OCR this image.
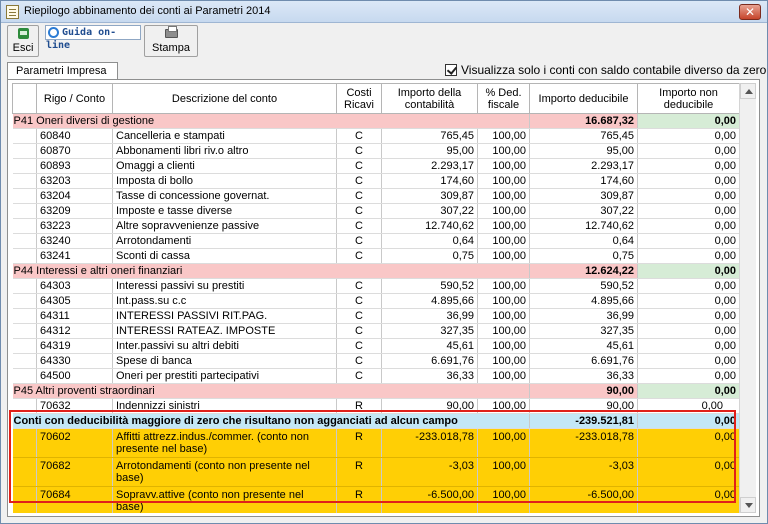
Riepilogo abbinamento dei conti ai Parametri 2014	✕
Esci
Guida on-line	Stampa
Parametri Impresa	Visualizza solo i conti con saldo contabile diverso da zero
	Rigo / Conto	Descrizione del conto	Costi Ricavi	Importo della contabilità	% Ded. fiscale	Importo deducibile	Importo non deducibile
P41 Oneri diversi di gestione						16.687,32	0,00
	60840	Cancelleria e stampati	C	765,45	100,00	765,45	0,00
	60870	Abbonamenti libri riv.o altro	C	95,00	100,00	95,00	0,00
	60893	Omaggi a clienti	C	2.293,17	100,00	2.293,17	0,00
	63203	Imposta di bollo	C	174,60	100,00	174,60	0,00
	63204	Tasse di concessione governat.	C	309,87	100,00	309,87	0,00
	63209	Imposte e tasse diverse	C	307,22	100,00	307,22	0,00
	63223	Altre sopravvenienze passive	C	12.740,62	100,00	12.740,62	0,00
	63240	Arrotondamenti	C	0,64	100,00	0,64	0,00
	63241	Sconti di cassa	C	0,75	100,00	0,75	0,00
P44 Interessi e altri oneri finanziari						12.624,22	0,00
	64303	Interessi passivi su prestiti	C	590,52	100,00	590,52	0,00
	64305	Int.pass.su c.c	C	4.895,66	100,00	4.895,66	0,00
	64311	INTERESSI PASSIVI RIT.PAG.	C	36,99	100,00	36,99	0,00
	64312	INTERESSI RATEAZ. IMPOSTE	C	327,35	100,00	327,35	0,00
	64319	Inter.passivi su altri debiti	C	45,61	100,00	45,61	0,00
	64330	Spese di banca	C	6.691,76	100,00	6.691,76	0,00
	64500	Oneri per prestiti partecipativi	C	36,33	100,00	36,33	0,00
P45 Altri proventi straordinari						90,00	0,00
	70632	Indennizzi sinistri	R	90,00	100,00	90,00	0,00
Conti con deducibilità maggiore di zero che risultano non agganciati ad alcun campo						-239.521,81	0,00
	70602	Affitti attrezz.indus./commer. (conto non presente nel base)	R	-233.018,78	100,00	-233.018,78	0,00
	70682	Arrotondamenti (conto non presente nel base)	R	-3,03	100,00	-3,03	0,00
	70684	Sopravv.attive (conto non presente nel base)	R	-6.500,00	100,00	-6.500,00	0,00
